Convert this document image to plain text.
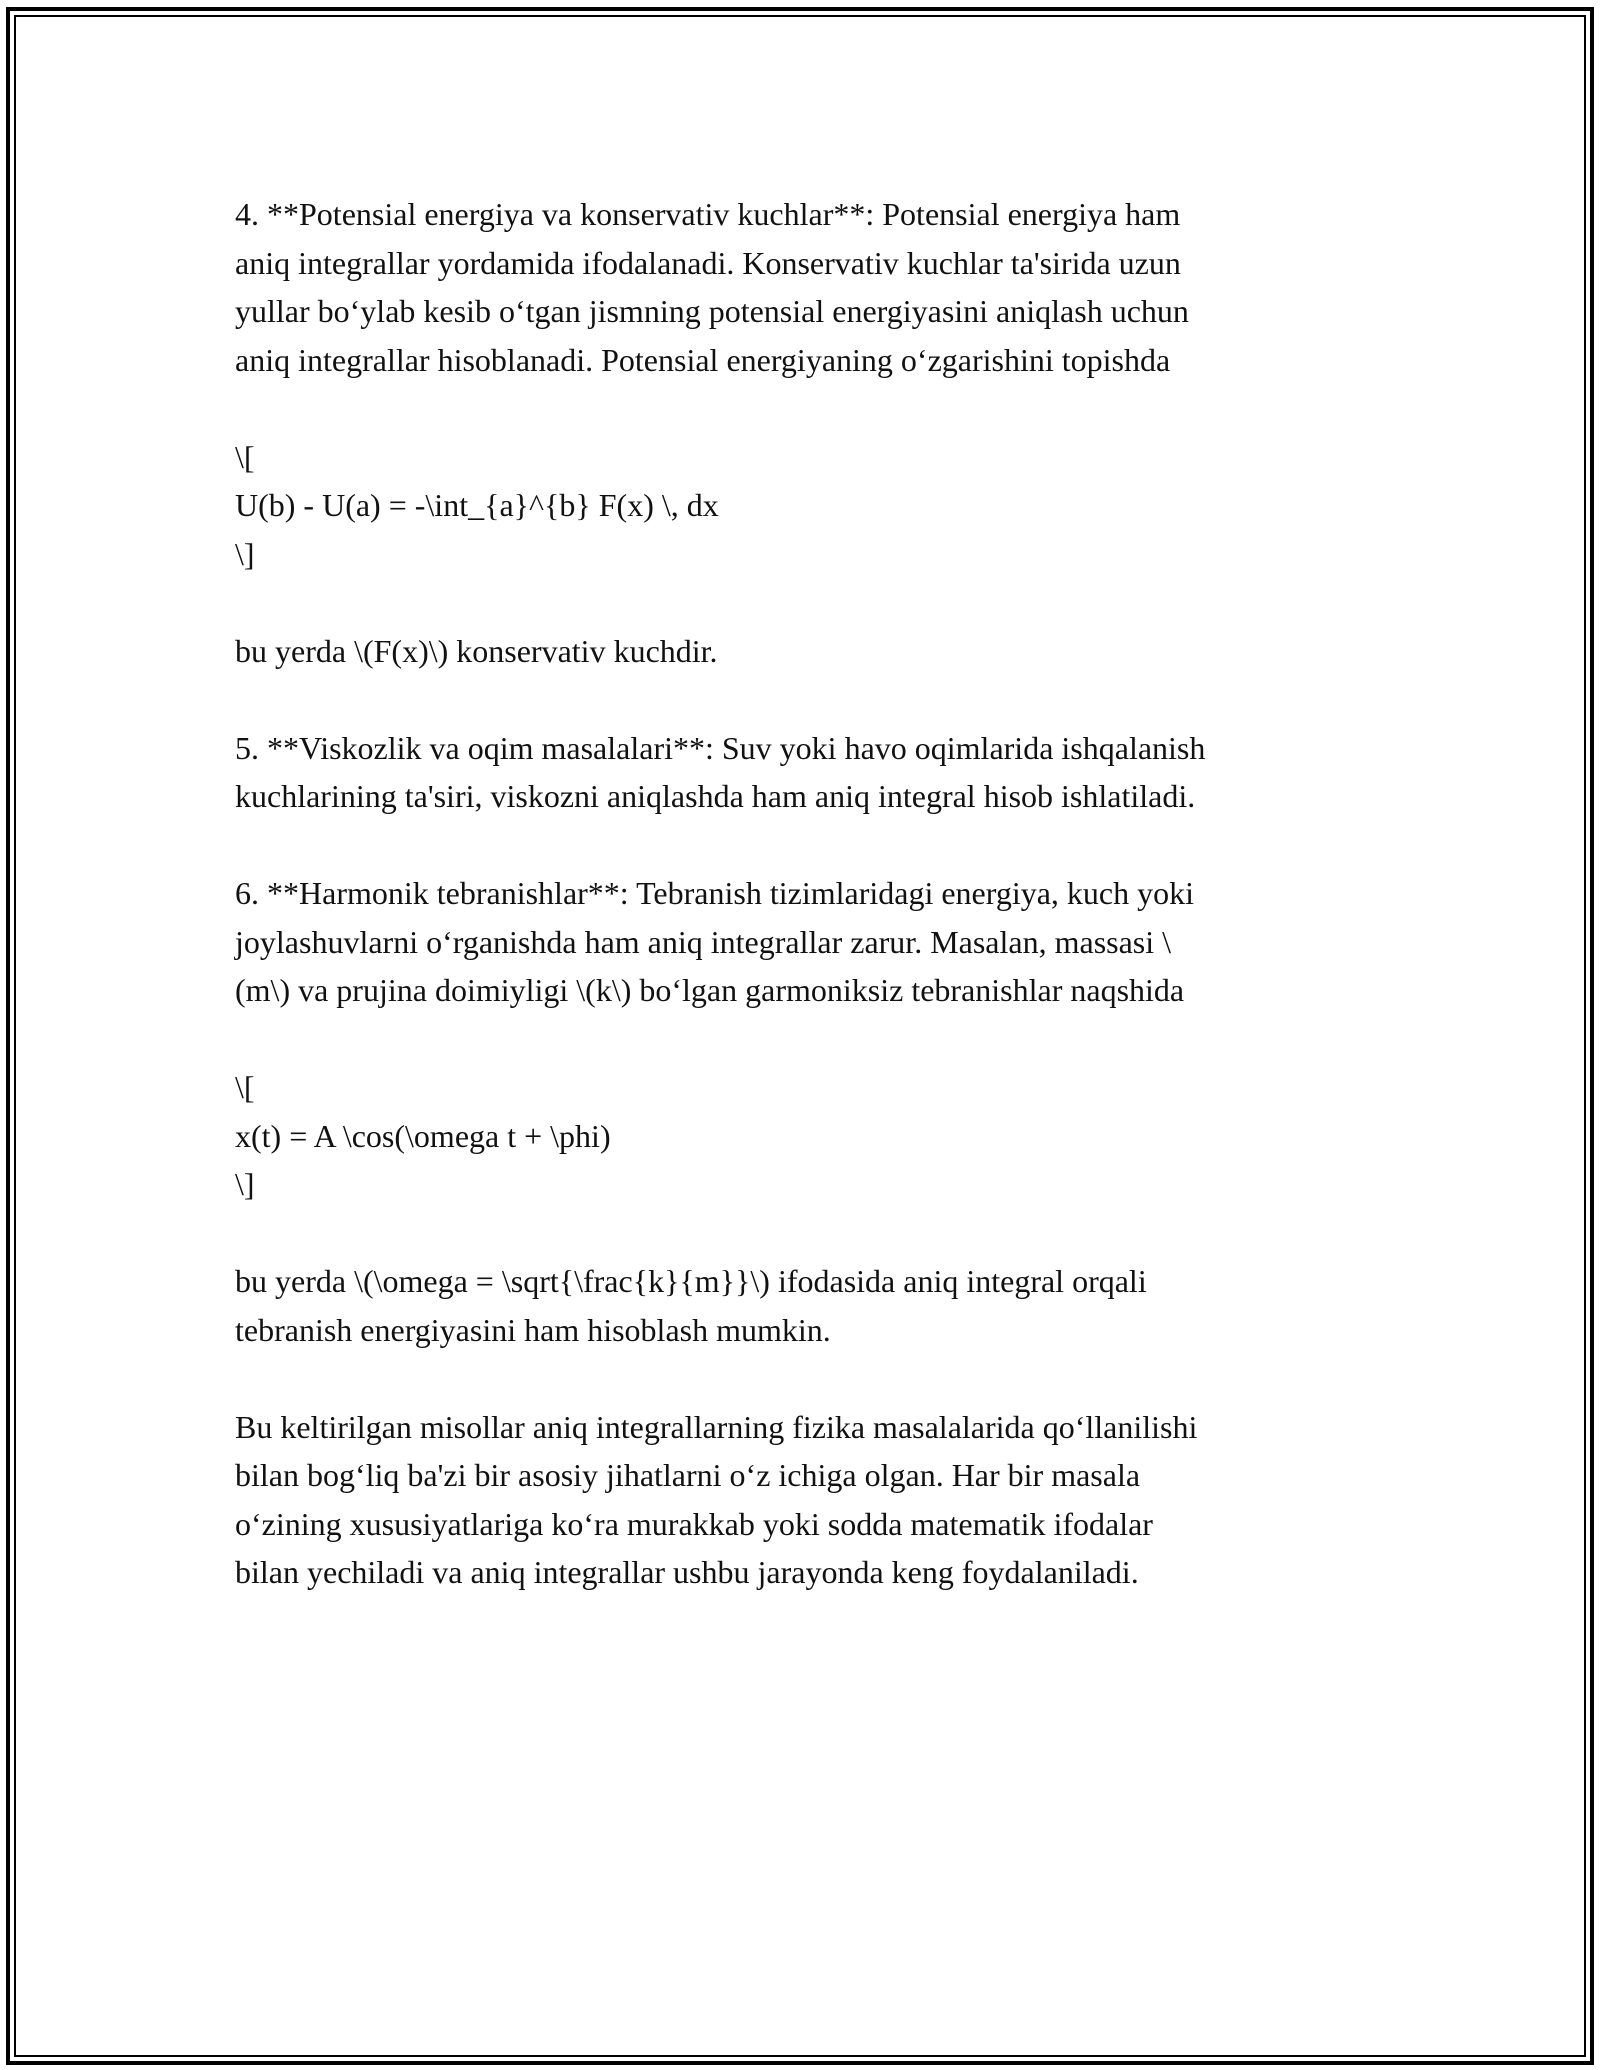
4. **Potensial energiya va konservativ kuchlar**: Potensial energiya ham

aniq integrallar yordamida ifodalanadi. Konservativ kuchlar ta'sirida uzun

yullar bo‘ylab kesib o‘tgan jismning potensial energiyasini aniqlash uchun

aniq integrallar hisoblanadi. Potensial energiyaning o‘zgarishini topishda

\[

U(b) - U(a) = -\int_{a}^{b} F(x) \, dx

\]

bu yerda \(F(x)\) konservativ kuchdir.

5. **Viskozlik va oqim masalalari**: Suv yoki havo oqimlarida ishqalanish

kuchlarining ta'siri, viskozni aniqlashda ham aniq integral hisob ishlatiladi.

6. **Harmonik tebranishlar**: Tebranish tizimlaridagi energiya, kuch yoki

joylashuvlarni o‘rganishda ham aniq integrallar zarur. Masalan, massasi \

(m\) va prujina doimiyligi \(k\) bo‘lgan garmoniksiz tebranishlar naqshida

\[

x(t) = A \cos(\omega t + \phi)

\]

bu yerda \(\omega = \sqrt{\frac{k}{m}}\) ifodasida aniq integral orqali

tebranish energiyasini ham hisoblash mumkin.

Bu keltirilgan misollar aniq integrallarning fizika masalalarida qo‘llanilishi

bilan bog‘liq ba'zi bir asosiy jihatlarni o‘z ichiga olgan. Har bir masala

o‘zining xususiyatlariga ko‘ra murakkab yoki sodda matematik ifodalar

bilan yechiladi va aniq integrallar ushbu jarayonda keng foydalaniladi.
